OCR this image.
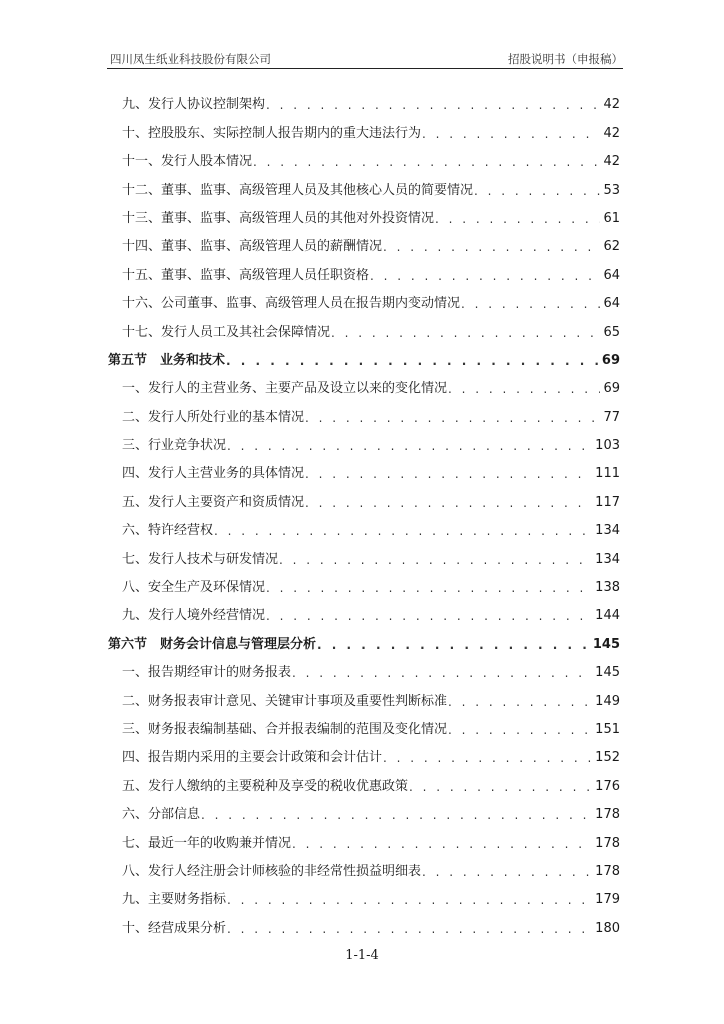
四川凤生纸业科技股份有限公司	招股说明书（申报稿）
九、发行人协议控制架构 . . .	42
十、控股股东、实际控制人报告期内的重大违法行为 . . .	42
十一、发行人股本情况 . . .	42
十二、董事、监事、高级管理人员及其他核心人员的简要情况 . . .	53
十三、董事、监事、高级管理人员的其他对外投资情况 . . .	61
十四、董事、监事、高级管理人员的薪酬情况 . . .	62
十五、董事、监事、高级管理人员任职资格 . . .	64
十六、公司董事、监事、高级管理人员在报告期内变动情况 . . .	64
十七、发行人员工及其社会保障情况 . . .	65
第五节　业务和技术 . . .	69
一、发行人的主营业务、主要产品及设立以来的变化情况 . . .	69
二、发行人所处行业的基本情况 . . .	77
三、行业竞争状况 . . .	103
四、发行人主营业务的具体情况 . . .	111
五、发行人主要资产和资质情况 . . .	117
六、特许经营权 . . .	134
七、发行人技术与研发情况 . . .	134
八、安全生产及环保情况 . . .	138
九、发行人境外经营情况 . . .	144
第六节　财务会计信息与管理层分析 . . .	145
一、报告期经审计的财务报表 . . .	145
二、财务报表审计意见、关键审计事项及重要性判断标准 . . .	149
三、财务报表编制基础、合并报表编制的范围及变化情况 . . .	151
四、报告期内采用的主要会计政策和会计估计 . . .	152
五、发行人缴纳的主要税种及享受的税收优惠政策 . . .	176
六、分部信息 . . .	178
七、最近一年的收购兼并情况 . . .	178
八、发行人经注册会计师核验的非经常性损益明细表 . . .	178
九、主要财务指标 . . .	179
十、经营成果分析 . . .	180
1-1-4
